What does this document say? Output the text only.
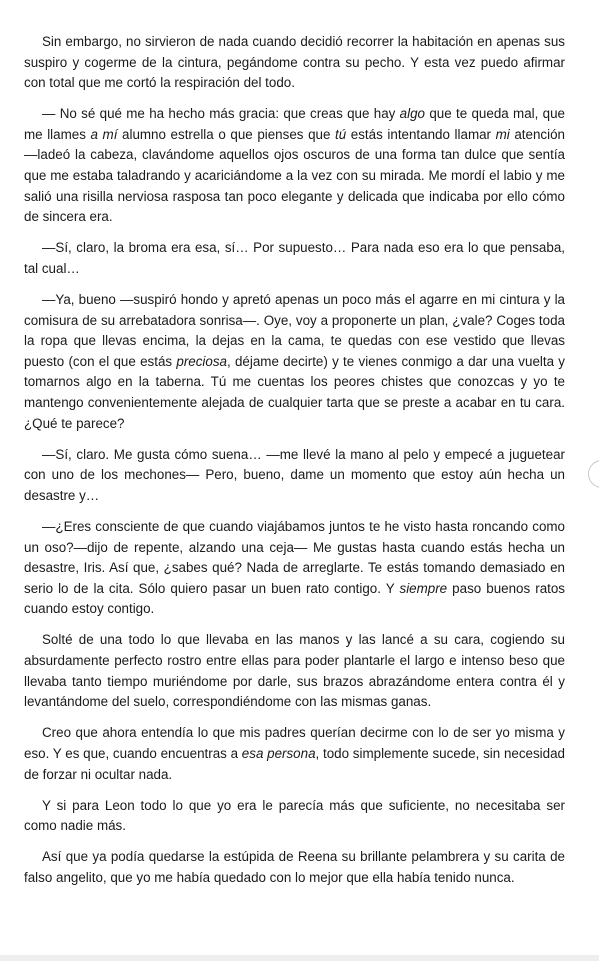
Sin embargo, no sirvieron de nada cuando decidió recorrer la habitación en apenas sus suspiro y cogerme de la cintura, pegándome contra su pecho. Y esta vez puedo afirmar con total que me cortó la respiración del todo.

— No sé qué me ha hecho más gracia: que creas que hay algo que te queda mal, que me llames a mí alumno estrella o que pienses que tú estás intentando llamar mi atención —ladeó la cabeza, clavándome aquellos ojos oscuros de una forma tan dulce que sentía que me estaba taladrando y acariciándome a la vez con su mirada. Me mordí el labio y me salió una risilla nerviosa rasposa tan poco elegante y delicada que indicaba por ello cómo de sincera era.

—Sí, claro, la broma era esa, sí… Por supuesto… Para nada eso era lo que pensaba, tal cual…

—Ya, bueno —suspiró hondo y apretó apenas un poco más el agarre en mi cintura y la comisura de su arrebatadora sonrisa—. Oye, voy a proponerte un plan, ¿vale? Coges toda la ropa que llevas encima, la dejas en la cama, te quedas con ese vestido que llevas puesto (con el que estás preciosa, déjame decirte) y te vienes conmigo a dar una vuelta y tomarnos algo en la taberna. Tú me cuentas los peores chistes que conozcas y yo te mantengo convenientemente alejada de cualquier tarta que se preste a acabar en tu cara. ¿Qué te parece?

—Sí, claro. Me gusta cómo suena… —me llevé la mano al pelo y empecé a juguetear con uno de los mechones— Pero, bueno, dame un momento que estoy aún hecha un desastre y…

—¿Eres consciente de que cuando viajábamos juntos te he visto hasta roncando como un oso?—dijo de repente, alzando una ceja— Me gustas hasta cuando estás hecha un desastre, Iris. Así que, ¿sabes qué? Nada de arreglarte. Te estás tomando demasiado en serio lo de la cita. Sólo quiero pasar un buen rato contigo. Y siempre paso buenos ratos cuando estoy contigo.

Solté de una todo lo que llevaba en las manos y las lancé a su cara, cogiendo su absurdamente perfecto rostro entre ellas para poder plantarle el largo e intenso beso que llevaba tanto tiempo muriéndome por darle, sus brazos abrazándome entera contra él y levantándome del suelo, correspondiéndome con las mismas ganas.

Creo que ahora entendía lo que mis padres querían decirme con lo de ser yo misma y eso. Y es que, cuando encuentras a esa persona, todo simplemente sucede, sin necesidad de forzar ni ocultar nada.

Y si para Leon todo lo que yo era le parecía más que suficiente, no necesitaba ser como nadie más.

Así que ya podía quedarse la estúpida de Reena su brillante pelambrera y su carita de falso angelito, que yo me había quedado con lo mejor que ella había tenido nunca.
